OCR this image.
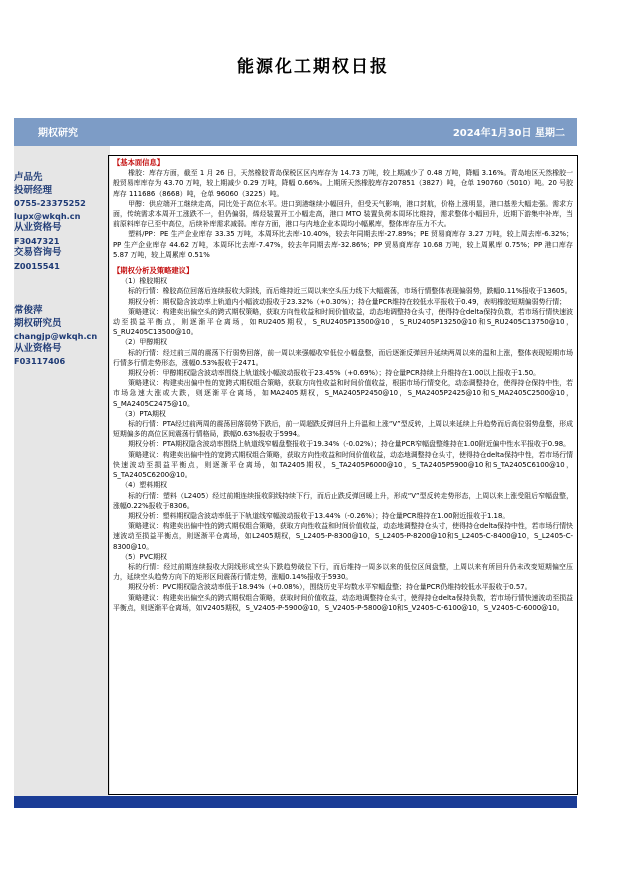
能源化工期权日报
期权研究	2024年1月30日 星期二
卢品先
投研经理
0755-23375252
lupx@wkqh.cn
从业资格号
F3047321
交易咨询号
Z0015541
常俊萍
期权研究员
changjp@wkqh.cn
从业资格号
F03117406
【基本面信息】

橡胶：库存方面，截至 1 月 26 日，天然橡胶青岛保税区区内库存为 14.73 万吨，较上期减少了 0.48 万吨，降幅 3.16%。青岛地区天然橡胶一般贸易库库存为 43.70 万吨，较上期减少 0.29 万吨，降幅 0.66%。上期所天然橡胶库存207851（3827）吨，仓单 190760（5010）吨。20 号胶库存 111686（8668）吨，仓单 96060（3225）吨。

甲醇：供应端开工继续走高，同比处于高位水平。进口到港继续小幅回升，但受天气影响，港口封航，价格上涨明显，港口基差大幅走强。需求方面，传统需求本周开工涨跌不一，但仍偏弱，烯烃装置开工小幅走高，港口 MTO 装置负荷本周环比维持，需求整体小幅回升，近期下游集中补库，当前原料库存已至中高位，后续补库需求减弱。库存方面，港口与内地企业本周均小幅累库，整体库存压力不大。

塑料/PP：PE 生产企业库存 33.35 万吨，本周环比去库-10.40%，较去年同期去库-27.89%；PE 贸易商库存 3.27 万吨，较上周去库-6.32%；PP 生产企业库存 44.62 万吨，本周环比去库-7.47%，较去年同期去库-32.86%；PP 贸易商库存 10.68 万吨，较上周累库 0.75%；PP 港口库存5.87 万吨，较上周累库 0.51%

【期权分析及策略建议】

（1）橡胶期权

标的行情：橡胶高位回落后连续报收大阴线，而后维持近三周以来空头压力线下大幅震荡，市场行情整体表现偏弱势，跌幅0.11%报收于13605。

期权分析：期权隐含波动率上轨道内小幅波动报收于23.32%（+0.30%）；持仓量PCR维持在较低水平报收于0.49，表明橡胶短期偏弱势行情；

策略建议：构建卖出偏空头的跨式期权策略，获取方向性收益和时间价值收益，动态地调整持仓头寸，使得持仓delta保持负数，若市场行情快速波动至损益平衡点，则逐渐平仓离场，如RU2405期权，S_RU2405P13500@10，S_RU2405P13250@10和S_RU2405C13750@10，S_RU2405C13500@10。

（2）甲醇期权

标的行情：经过前三周的震荡下行弱势回落，前一周以来强幅收窄低位小幅盘整，而后逐渐反弹回升延续两周以来的温和上涨，整体表现短期市场行情多行情走势形态，涨幅0.53%报收于2471。

期权分析：甲醇期权隐含波动率围绕上轨道线小幅波动报收于23.45%（+0.69%）；持仓量PCR持续上升维持在1.00以上报收于1.50。

策略建议：构建卖出偏中性的宽跨式期权组合策略，获取方向性收益和时间价值收益，根据市场行情变化，动态调整持仓，使得持仓保持中性，若市场急速大涨或大跌，则逐渐平仓离场，如MA2405期权，S_MA2405P2450@10，S_MA2405P2425@10和S_MA2405C2500@10，S_MA2405C2475@10。

（3）PTA期权

标的行情：PTA经过前两周的震荡回落弱势下跌后，前一周超跌反弹回升上升温和上涨“V”型反转，上周以来延续上升趋势而后高位弱势盘整，形成短期偏多的高位区间震荡行情格局，跌幅0.63%报收于5994。

期权分析：PTA期权隐含波动率围绕上轨道线窄幅盘整报收于19.34%（-0.02%）；持仓量PCR窄幅盘整维持在1.00附近偏中性水平报收于0.98。

策略建议：构建卖出偏中性的宽跨式期权组合策略，获取方向性收益和时间价值收益，动态地调整持仓头寸，使得持仓delta保持中性，若市场行情快速波动至损益平衡点，则逐渐平仓离场，如TA2405期权，S_TA2405P6000@10，S_TA2405P5900@10和S_TA2405C6100@10，S_TA2405C6200@10。

（4）塑料期权

标的行情：塑料（L2405）经过前期连续报收阴线持续下行，而后止跌反弹回暖上升，形成“V”型反转走势形态，上周以来上涨受阻后窄幅盘整，涨幅0.22%报收于8306。

期权分析：塑料期权隐含波动率低于下轨道线窄幅波动报收于13.44%（-0.26%）；持仓量PCR维持在1.00附近报收于1.18。

策略建议：构建卖出偏中性的跨式期权组合策略，获取方向性收益和时间价值收益，动态地调整持仓头寸，使得持仓delta保持中性，若市场行情快速波动至损益平衡点，则逐渐平仓离场，如L2405期权，S_L2405-P-8300@10，S_L2405-P-8200@10和S_L2405-C-8400@10，S_L2405-C-8300@10。

（5）PVC期权

标的行情：经过前期连续报收大阴线形成空头下跌趋势破位下行，而后维持一周多以来的低位区间盘整，上周以来有所回升仍未改变短期偏空压力，延续空头趋势方向下的矩形区间震荡行情走势，涨幅0.14%报收于5930。

期权分析：PVC期权隐含波动率低于18.94%（+0.08%），围绕历史平均数水平窄幅盘整；持仓量PCR仍维持较低水平报收于0.57。

策略建议：构建卖出偏空头的跨式期权组合策略，获取时间价值收益，动态地调整持仓头寸，使得持仓delta保持负数，若市场行情快速波动至损益平衡点，则逐渐平仓离场，如V2405期权，S_V2405-P-5900@10，S_V2405-P-5800@10和S_V2405-C-6100@10，S_V2405-C-6000@10。
